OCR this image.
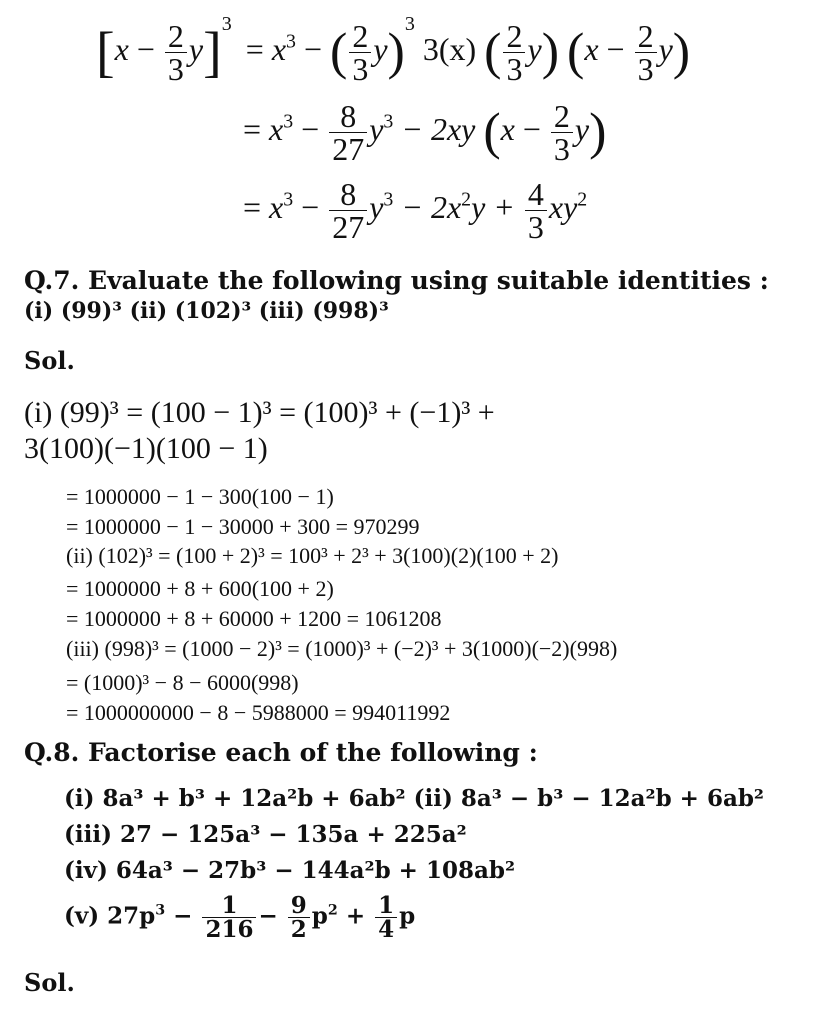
$[x - \frac{2}{3} y]^3 = x^3$ − ( $\frac{2}{3} y)^3$ 3(x) ( $\frac{2}{3} y$) $(x - \frac{2}{3} y)$
= $x^3 - \frac{8}{27} y^3 - 2xy$ $(x - \frac{2}{3} y)$
= $x^3 - \frac{8}{27} y^3 - 2x^2y + \frac{4}{3} xy^2$
Q.7. Evaluate the following using suitable identities :
(i) (99)³ (ii) (102)³ (iii) (998)³
Sol.
(i) (99)³ = (100 − 1)³ = (100)³ + (−1)³ +
3(100)(−1)(100 − 1)
= 1000000 − 1 − 300(100 − 1)
= 1000000 − 1 − 30000 + 300 = 970299
(ii) (102)³ = (100 + 2)³ = 100³ + 2³ + 3(100)(2)(100 + 2)
= 1000000 + 8 + 600(100 + 2)
= 1000000 + 8 + 60000 + 1200 = 1061208
(iii) (998)³ = (1000 − 2)³ = (1000)³ + (−2)³ + 3(1000)(−2)(998)
= (1000)³ − 8 − 6000(998)
= 1000000000 − 8 − 5988000 = 994011992
Q.8. Factorise each of the following :
(i) 8a³ + b³ + 12a²b + 6ab² (ii) 8a³ − b³ − 12a²b + 6ab²
(iii) 27 − 125a³ − 135a + 225a²
(iv) 64a³ − 27b³ − 144a²b + 108ab²
(v) $27p^3 - \frac{1}{216} - \frac{9}{2} p^2 + \frac{1}{4}$ p
Sol.
